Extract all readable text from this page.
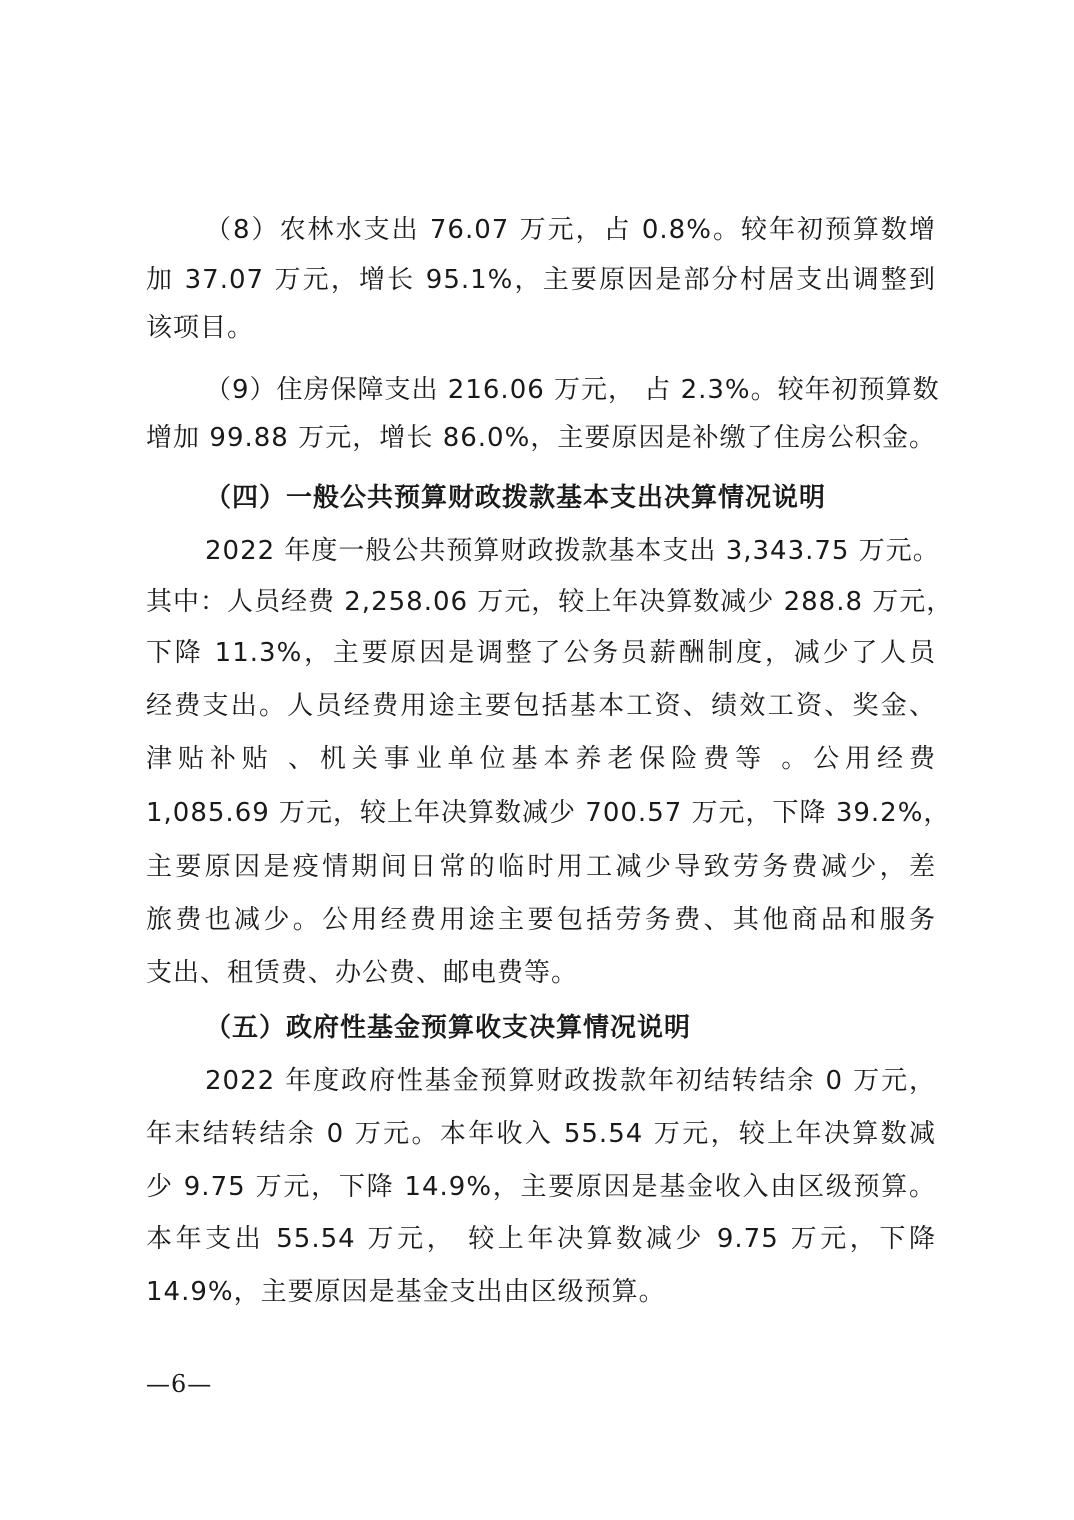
（8）农林水支出 76.07 万元，占 0.8%。较年初预算数增
加 37.07 万元，增长 95.1%，主要原因是部分村居支出调整到
该项目。
（9）住房保障支出 216.06 万元， 占 2.3%。较年初预算数
增加 99.88 万元，增长 86.0%，主要原因是补缴了住房公积金。
（四）一般公共预算财政拨款基本支出决算情况说明
2022 年度一般公共预算财政拨款基本支出 3,343.75 万元。
其中：人员经费 2,258.06 万元，较上年决算数减少 288.8 万元，
下降 11.3%，主要原因是调整了公务员薪酬制度，减少了人员
经费支出。人员经费用途主要包括基本工资、绩效工资、奖金、
津贴补贴 、机关事业单位基本养老保险费等 。公用经费
1,085.69 万元，较上年决算数减少 700.57 万元，下降 39.2%，
主要原因是疫情期间日常的临时用工减少导致劳务费减少，差
旅费也减少。公用经费用途主要包括劳务费、其他商品和服务
支出、租赁费、办公费、邮电费等。
（五）政府性基金预算收支决算情况说明
2022 年度政府性基金预算财政拨款年初结转结余 0 万元，
年末结转结余 0 万元。本年收入 55.54 万元，较上年决算数减
少 9.75 万元，下降 14.9%，主要原因是基金收入由区级预算。
本年支出 55.54 万元， 较上年决算数减少 9.75 万元，下降
14.9%，主要原因是基金支出由区级预算。
—6—
